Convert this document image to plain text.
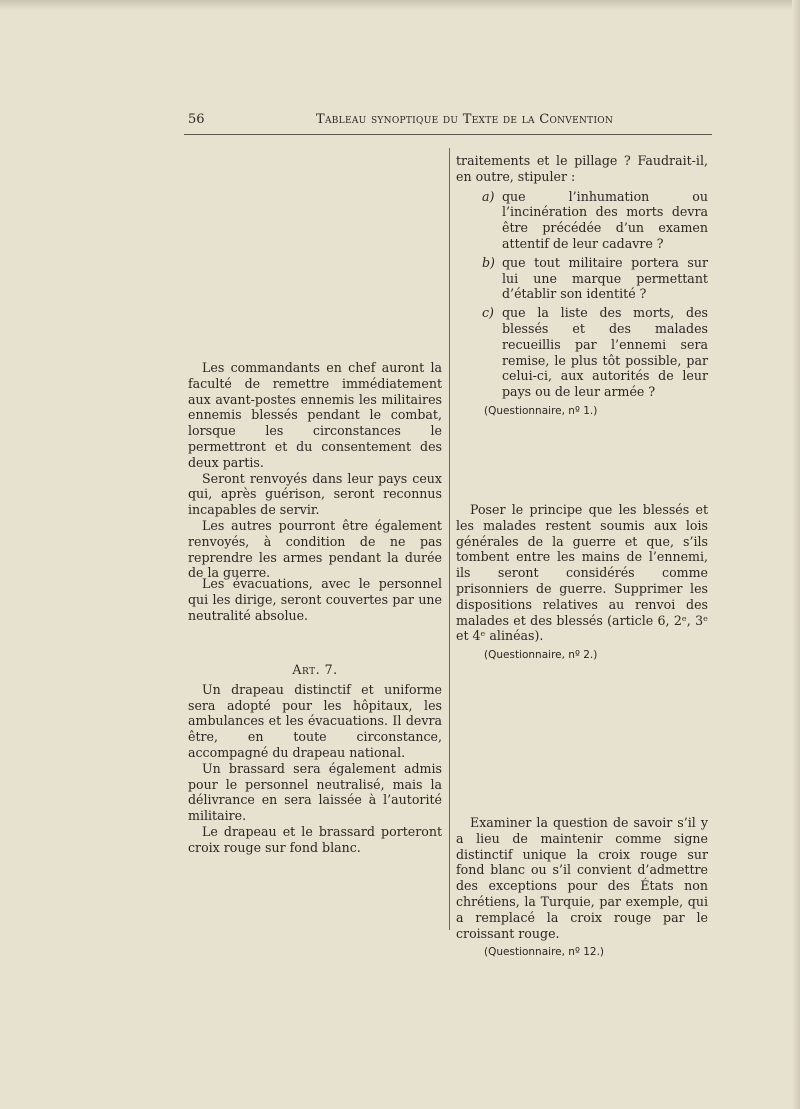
56	Tableau synoptique du Texte de la Convention

Les commandants en chef auront la faculté de remettre immédiatement aux avant-postes ennemis les militaires ennemis blessés pendant le combat, lorsque les circonstances le permettront et du consentement des deux partis.

Seront renvoyés dans leur pays ceux qui, après guérison, seront reconnus incapables de servir.

Les autres pourront être également renvoyés, à condition de ne pas reprendre les armes pendant la durée de la guerre.

Les évacuations, avec le personnel qui les dirige, seront couvertes par une neutralité absolue.

Art. 7.

Un drapeau distinctif et uniforme sera adopté pour les hôpitaux, les ambulances et les évacuations. Il devra être, en toute circonstance, accompagné du drapeau national.

Un brassard sera également admis pour le personnel neutralisé, mais la délivrance en sera laissée à l’autorité militaire.

Le drapeau et le brassard porteront croix rouge sur fond blanc.

traitements et le pillage ? Faudrait-il, en outre, stipuler :

a) que l’inhumation ou l’incinération des morts devra être précédée d’un examen attentif de leur cadavre ?
b) que tout militaire portera sur lui une marque permettant d’établir son identité ?
c) que la liste des morts, des blessés et des malades recueillis par l’ennemi sera remise, le plus tôt possible, par celui-ci, aux autorités de leur pays ou de leur armée ?
(Questionnaire, nº 1.)

Poser le principe que les blessés et les malades restent soumis aux lois générales de la guerre et que, s’ils tombent entre les mains de l’ennemi, ils seront considérés comme prisonniers de guerre. Supprimer les dispositions relatives au renvoi des malades et des blessés (article 6, 2ᵉ, 3ᵉ et 4ᵉ alinéas).

(Questionnaire, nº 2.)

Examiner la question de savoir s’il y a lieu de maintenir comme signe distinctif unique la croix rouge sur fond blanc ou s’il convient d’admettre des exceptions pour des États non chrétiens, la Turquie, par exemple, qui a remplacé la croix rouge par le croissant rouge.

(Questionnaire, nº 12.)
